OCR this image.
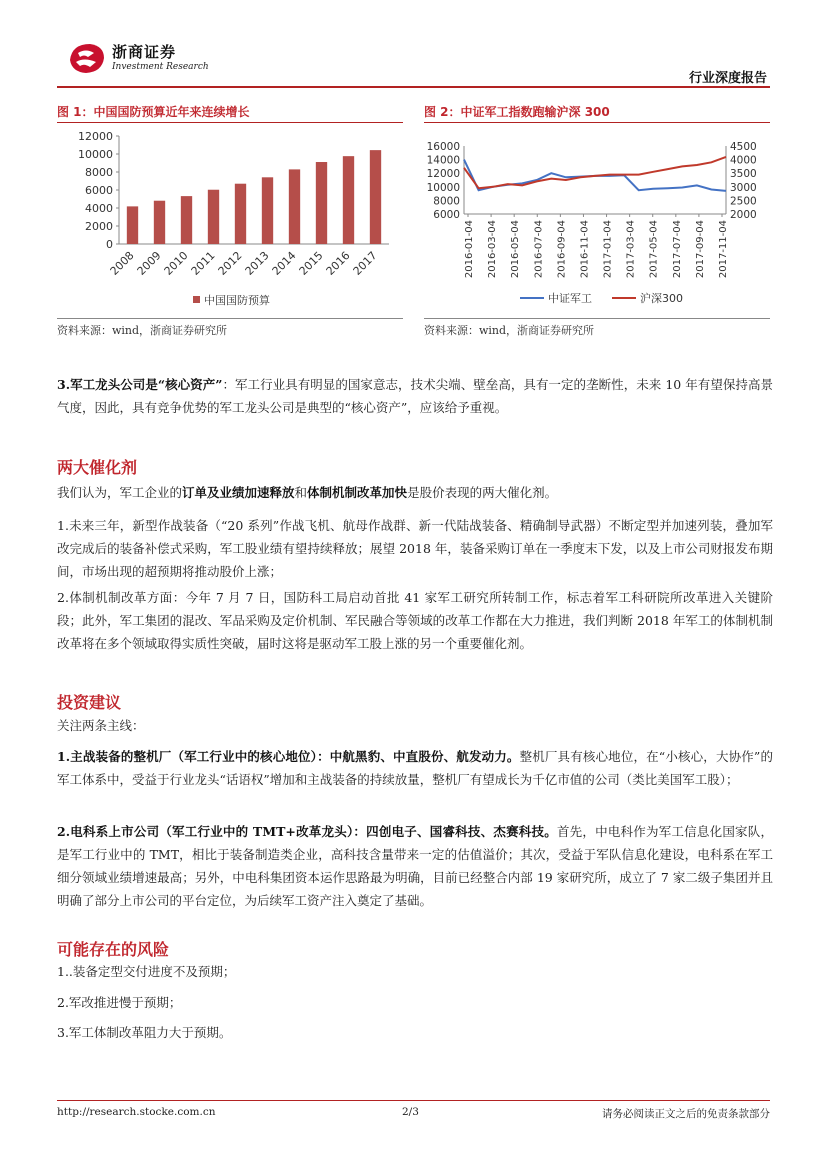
浙商证券
Investment Research
行业深度报告
图 1：中国国防预算近年来连续增长
0
2000
4000
6000
8000
10000
12000
2008
2009
2010
2011
2012
2013
2014
2015
2016
2017
中国国防预算
资料来源：wind，浙商证券研究所
图 2：中证军工指数跑输沪深 300
6000
8000
10000
12000
14000
16000
2000
2500
3000
3500
4000
4500
2016-01-04 2016-03-04 2016-05-04 2016-07-04 2016-09-04 2016-11-04 2017-01-04 2017-03-04 2017-05-04 2017-07-04 2017-09-04 2017-11-04
中证军工	沪深300
资料来源：wind，浙商证券研究所
3.军工龙头公司是“核心资产”：军工行业具有明显的国家意志，技术尖端、壁垒高，具有一定的垄断性，未来 10 年有望保持高景气度，因此，具有竞争优势的军工龙头公司是典型的“核心资产”，应该给予重视。
两大催化剂
我们认为，军工企业的订单及业绩加速释放和体制机制改革加快是股价表现的两大催化剂。
1.未来三年，新型作战装备（“20 系列”作战飞机、航母作战群、新一代陆战装备、精确制导武器）不断定型并加速列装，叠加军改完成后的装备补偿式采购，军工股业绩有望持续释放；展望 2018 年，装备采购订单在一季度末下发，以及上市公司财报发布期间，市场出现的超预期将推动股价上涨；
2.体制机制改革方面：今年 7 月 7 日，国防科工局启动首批 41 家军工研究所转制工作，标志着军工科研院所改革进入关键阶段；此外，军工集团的混改、军品采购及定价机制、军民融合等领域的改革工作都在大力推进，我们判断 2018 年军工的体制机制改革将在多个领域取得实质性突破，届时这将是驱动军工股上涨的另一个重要催化剂。
投资建议
关注两条主线：
1.主战装备的整机厂（军工行业中的核心地位）：中航黑豹、中直股份、航发动力。整机厂具有核心地位，在“小核心，大协作”的军工体系中，受益于行业龙头“话语权”增加和主战装备的持续放量，整机厂有望成长为千亿市值的公司（类比美国军工股）；
2.电科系上市公司（军工行业中的 TMT+改革龙头）：四创电子、国睿科技、杰赛科技。首先，中电科作为军工信息化国家队，是军工行业中的 TMT，相比于装备制造类企业，高科技含量带来一定的估值溢价；其次，受益于军队信息化建设，电科系在军工细分领域业绩增速最高；另外，中电科集团资本运作思路最为明确，目前已经整合内部 19 家研究所，成立了 7 家二级子集团并且明确了部分上市公司的平台定位，为后续军工资产注入奠定了基础。
可能存在的风险
1..装备定型交付进度不及预期；
2.军改推进慢于预期；
3.军工体制改革阻力大于预期。
http://research.stocke.com.cn	2/3	请务必阅读正文之后的免责条款部分
